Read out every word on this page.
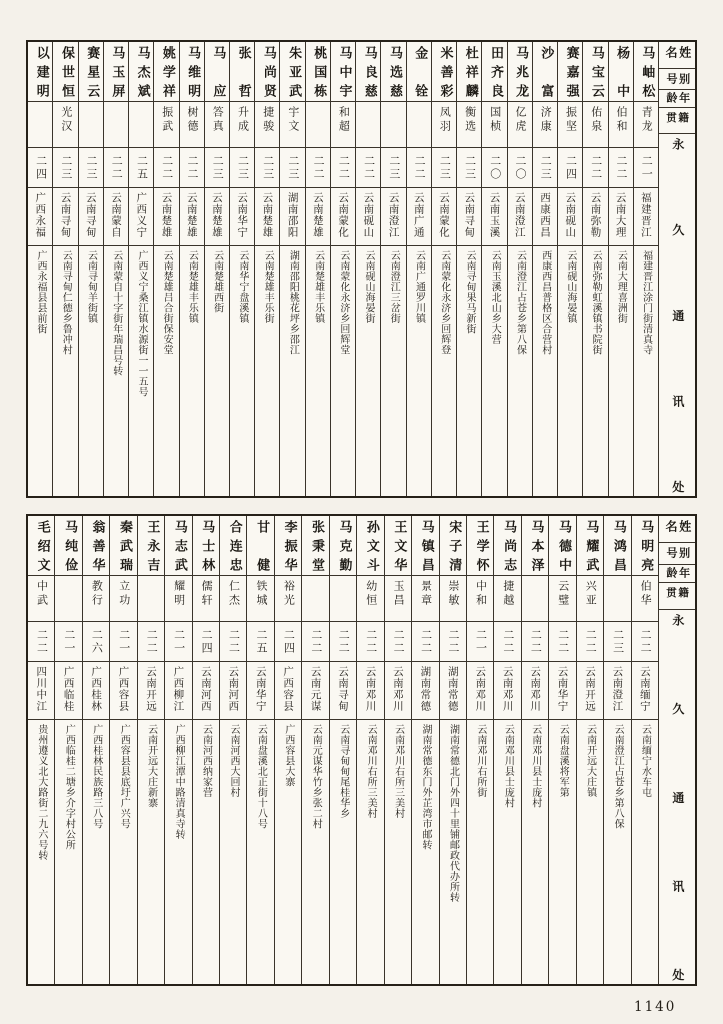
姓名
别号
年龄
籍贯
永久通讯处
马岫松
青龙
二一
福建晋江
福建晋江涂门街清真寺
杨中
伯和
二二
云南大理
云南大理喜洲街
马宝云
佑泉
二二
云南弥勒
云南弥勒虹溪镇书院街
赛嘉强
振坚
二四
云南砚山
云南砚山海晏镇
沙富
济康
二三
西康西昌
西康西昌普格区合营村
马兆龙
亿虎
二〇
云南澄江
云南澄江占苍乡第八保
田齐良
国桢
二〇
云南玉溪
云南玉溪北山乡大营
杜祥麟
衡选
二三
云南寻甸
云南寻甸果马新街
米善彩
凤羽
二三
云南蒙化
云南蒙化永济乡回辉登
金铨
二二
云南广通
云南广通罗川镇
马选慈
二三
云南澄江
云南澄江三岔街
马良慈
二二
云南砚山
云南砚山海晏街
马中宇
和超
二二
云南蒙化
云南蒙化永济乡回辉堂
桃国栋
二二
云南楚雄
云南楚雄丰乐镇
朱亚武
宇文
二三
湖南邵阳
湖南邵阳桃花坪乡邵江
马尚贤
捷骏
二三
云南楚雄
云南楚雄丰乐街
张哲
升成
二三
云南华宁
云南华宁盘溪镇
马应
答真
二三
云南楚雄
云南楚雄西街
马维明
树德
二二
云南楚雄
云南楚雄丰乐镇
姚学祥
振武
二二
云南楚雄
云南楚雄吕合街保安堂
马杰斌
二五
广西义宁
广西义宁桑江镇水源街一一五号
马玉屏
二二
云南蒙自
云南蒙自十字街年瑞昌号转
赛星云
二三
云南寻甸
云南寻甸羊街镇
保世恒
光汉
二三
云南寻甸
云南寻甸仁德乡鲁冲村
以建明
二四
广西永福
广西永福县县前街
姓名
别号
年龄
籍贯
永久通讯处
马明亮
伯华
二二
云南缅宁
云南缅宁水车屯
马鸿昌
二三
云南澄江
云南澄江占苍乡第八保
马耀武
兴亚
二二
云南开远
云南开远大庄镇
马德中
云璧
二二
云南华宁
云南盘溪将军第
马本泽
二二
云南邓川
云南邓川县士庞村
马尚志
捷越
二二
云南邓川
云南邓川县士庞村
王学怀
中和
二一
云南邓川
云南邓川右所街
宋子清
崇敏
二二
湖南常德
湖南常德北门外四十里铺邮政代办所转
马镇昌
景章
二二
湖南常德
湖南常德东门外芷湾市邮转
王文华
玉昌
二二
云南邓川
云南邓川右所三美村
孙文斗
幼恒
二二
云南邓川
云南邓川右所三美村
马克勤
二二
云南寻甸
云南寻甸甸尾桂华乡
张秉堂
二二
云南元谋
云南元谋华竹乡张二村
李振华
裕光
二四
广西容县
广西容县大寨
甘健
铁城
二五
云南华宁
云南盘溪北正街十八号
合连忠
仁杰
二二
云南河西
云南河西大回村
马士林
儒轩
二四
云南河西
云南河西纳家营
马志武
耀明
二一
广西柳江
广西柳江潭中路清真寺转
王永吉
二二
云南开远
云南开远大庄新寨
秦武瑞
立功
二一
广西容县
广西容县县底圩广兴号
翁善华
教行
二六
广西桂林
广西桂林民族路三八号
马纯俭
二一
广西临桂
广西临桂二塘乡介字村公所
毛绍文
中武
二二
四川中江
贵州遵义北大路街二九六号转
1140
